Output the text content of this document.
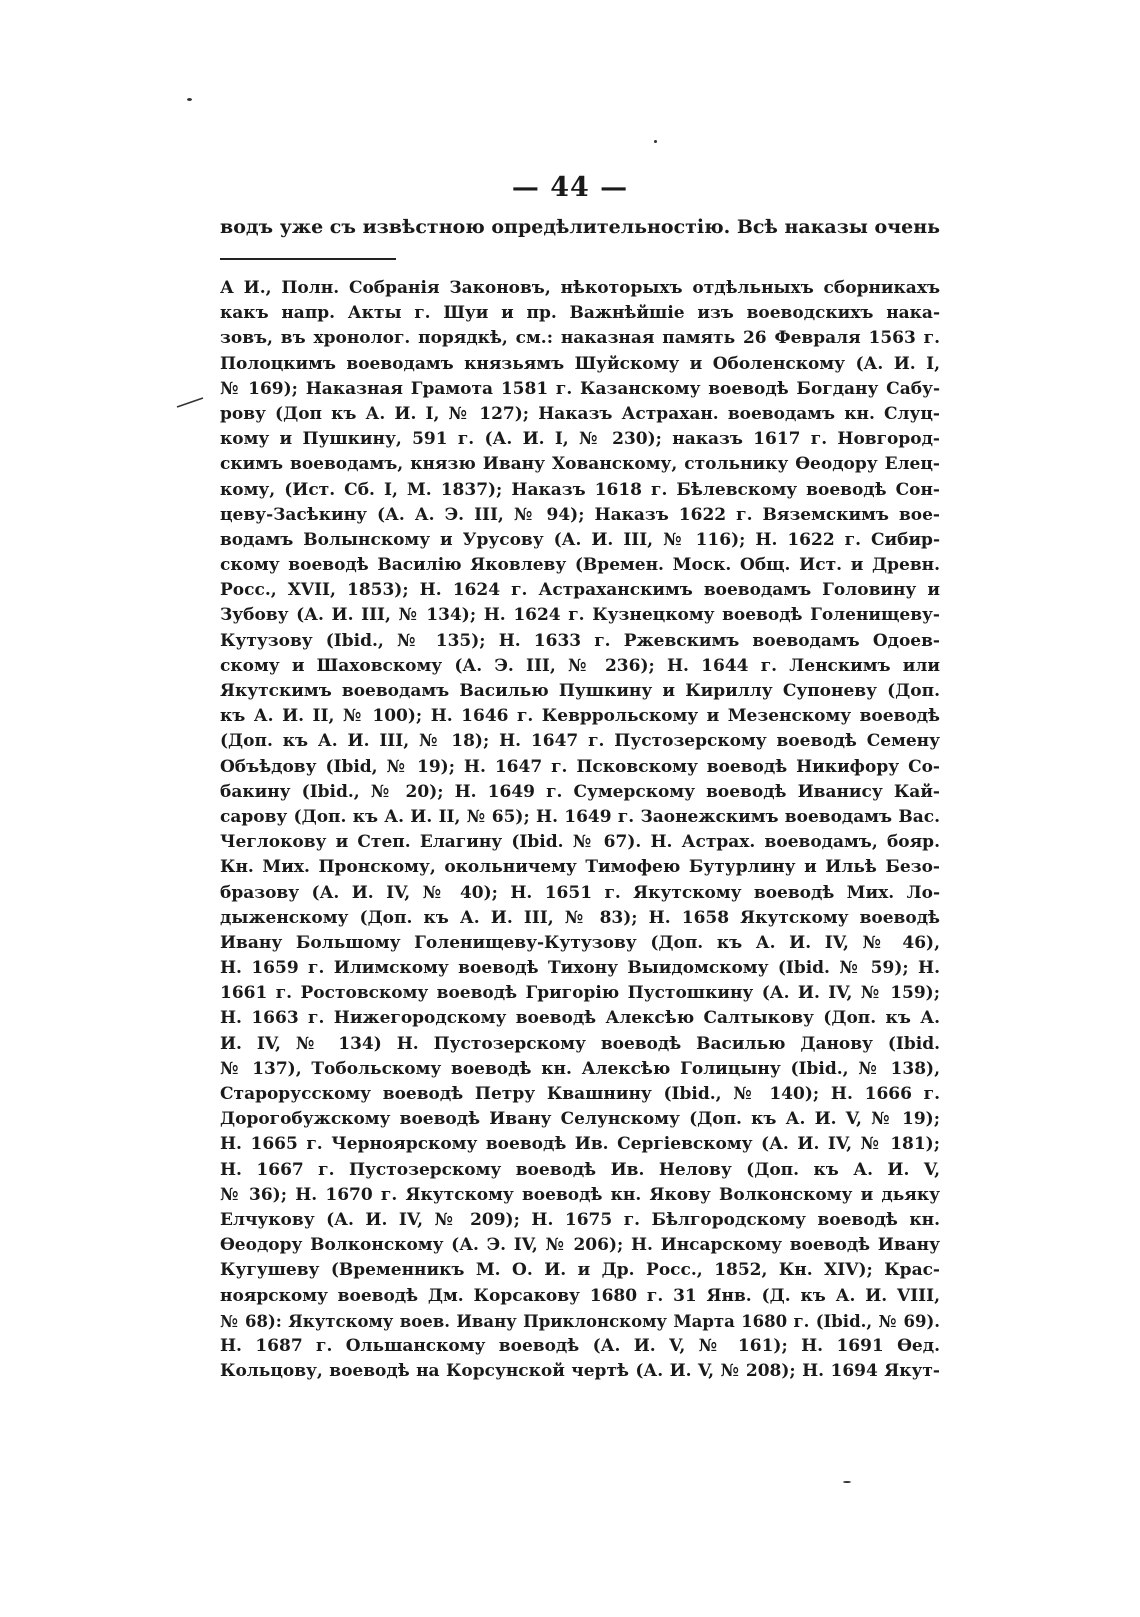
— 44 —
водъ уже съ извѣстною опредѣлительностію. Всѣ наказы очень
А И., Полн. Собранія Законовъ, нѣкоторыхъ отдѣльныхъ сборникахъ
какъ напр. Акты г. Шуи и пр. Важнѣйшіе изъ воеводскихъ нака-
зовъ, въ хронолог. порядкѣ, см.: наказная память 26 Февраля 1563 г.
Полоцкимъ воеводамъ князьямъ Шуйскому и Оболенскому (А. И. I,
№ 169); Наказная Грамота 1581 г. Казанскому воеводѣ Богдану Сабу-
рову (Доп къ А. И. I, № 127); Наказъ Астрахан. воеводамъ кн. Слуц-
кому и Пушкину, 591 г. (А. И. I, № 230); наказъ 1617 г. Новгород-
скимъ воеводамъ, князю Ивану Хованскому, стольнику Ѳеодору Елец-
кому, (Ист. Сб. I, М. 1837); Наказъ 1618 г. Бѣлевскому воеводѣ Сон-
цеву-Засѣкину (А. А. Э. III, № 94); Наказъ 1622 г. Вяземскимъ вое-
водамъ Волынскому и Урусову (А. И. III, № 116); Н. 1622 г. Сибир-
скому воеводѣ Василію Яковлеву (Времен. Моск. Общ. Ист. и Древн.
Росс., XVII, 1853); Н. 1624 г. Астраханскимъ воеводамъ Головину и
Зубову (А. И. III, № 134); Н. 1624 г. Кузнецкому воеводѣ Голенищеву-
Кутузову (Ibid., № 135); Н. 1633 г. Ржевскимъ воеводамъ Одоев-
скому и Шаховскому (А. Э. III, № 236); Н. 1644 г. Ленскимъ или
Якутскимъ воеводамъ Василью Пушкину и Кириллу Супоневу (Доп.
къ А. И. II, № 100); Н. 1646 г. Кевррольскому и Мезенскому воеводѣ
(Доп. къ А. И. III, № 18); Н. 1647 г. Пустозерскому воеводѣ Семену
Объѣдову (Ibid, № 19); Н. 1647 г. Псковскому воеводѣ Никифору Со-
бакину (Ibid., № 20); Н. 1649 г. Сумерскому воеводѣ Иванису Кай-
сарову (Доп. къ А. И. II, № 65); Н. 1649 г. Заонежскимъ воеводамъ Вас.
Чеглокову и Степ. Елагину (Ibid. № 67). Н. Астрах. воеводамъ, бояр.
Кн. Мих. Пронскому, окольничему Тимофею Бутурлину и Ильѣ Безо-
бразову (А. И. IV, № 40); Н. 1651 г. Якутскому воеводѣ Мих. Ло-
дыженскому (Доп. къ А. И. III, № 83); Н. 1658 Якутскому воеводѣ
Ивану Большому Голенищеву-Кутузову (Доп. къ А. И. IV, № 46),
Н. 1659 г. Илимскому воеводѣ Тихону Выидомскому (Ibid. № 59); Н.
1661 г. Ростовскому воеводѣ Григорію Пустошкину (А. И. IV, № 159);
Н. 1663 г. Нижегородскому воеводѣ Алексѣю Салтыкову (Доп. къ А.
И. IV, № 134) Н. Пустозерскому воеводѣ Василью Данову (Ibid.
№ 137), Тобольскому воеводѣ кн. Алексѣю Голицыну (Ibid., № 138),
Старорусскому воеводѣ Петру Квашнину (Ibid., № 140); Н. 1666 г.
Дорогобужскому воеводѣ Ивану Селунскому (Доп. къ А. И. V, № 19);
Н. 1665 г. Черноярскому воеводѣ Ив. Сергіевскому (А. И. IV, № 181);
Н. 1667 г. Пустозерскому воеводѣ Ив. Нелову (Доп. къ А. И. V,
№ 36); Н. 1670 г. Якутскому воеводѣ кн. Якову Волконскому и дьяку
Елчукову (А. И. IV, № 209); Н. 1675 г. Бѣлгородскому воеводѣ кн.
Ѳеодору Волконскому (А. Э. IV, № 206); Н. Инсарскому воеводѣ Ивану
Кугушеву (Временникъ М. О. И. и Др. Росс., 1852, Кн. XIV); Крас-
ноярскому воеводѣ Дм. Корсакову 1680 г. 31 Янв. (Д. къ А. И. VIII,
№ 68): Якутскому воев. Ивану Приклонскому Марта 1680 г. (Ibid., № 69).
Н. 1687 г. Ольшанскому воеводѣ (А. И. V, № 161); Н. 1691 Ѳед.
Кольцову, воеводѣ на Корсунской чертѣ (А. И. V, № 208); Н. 1694 Якут-
